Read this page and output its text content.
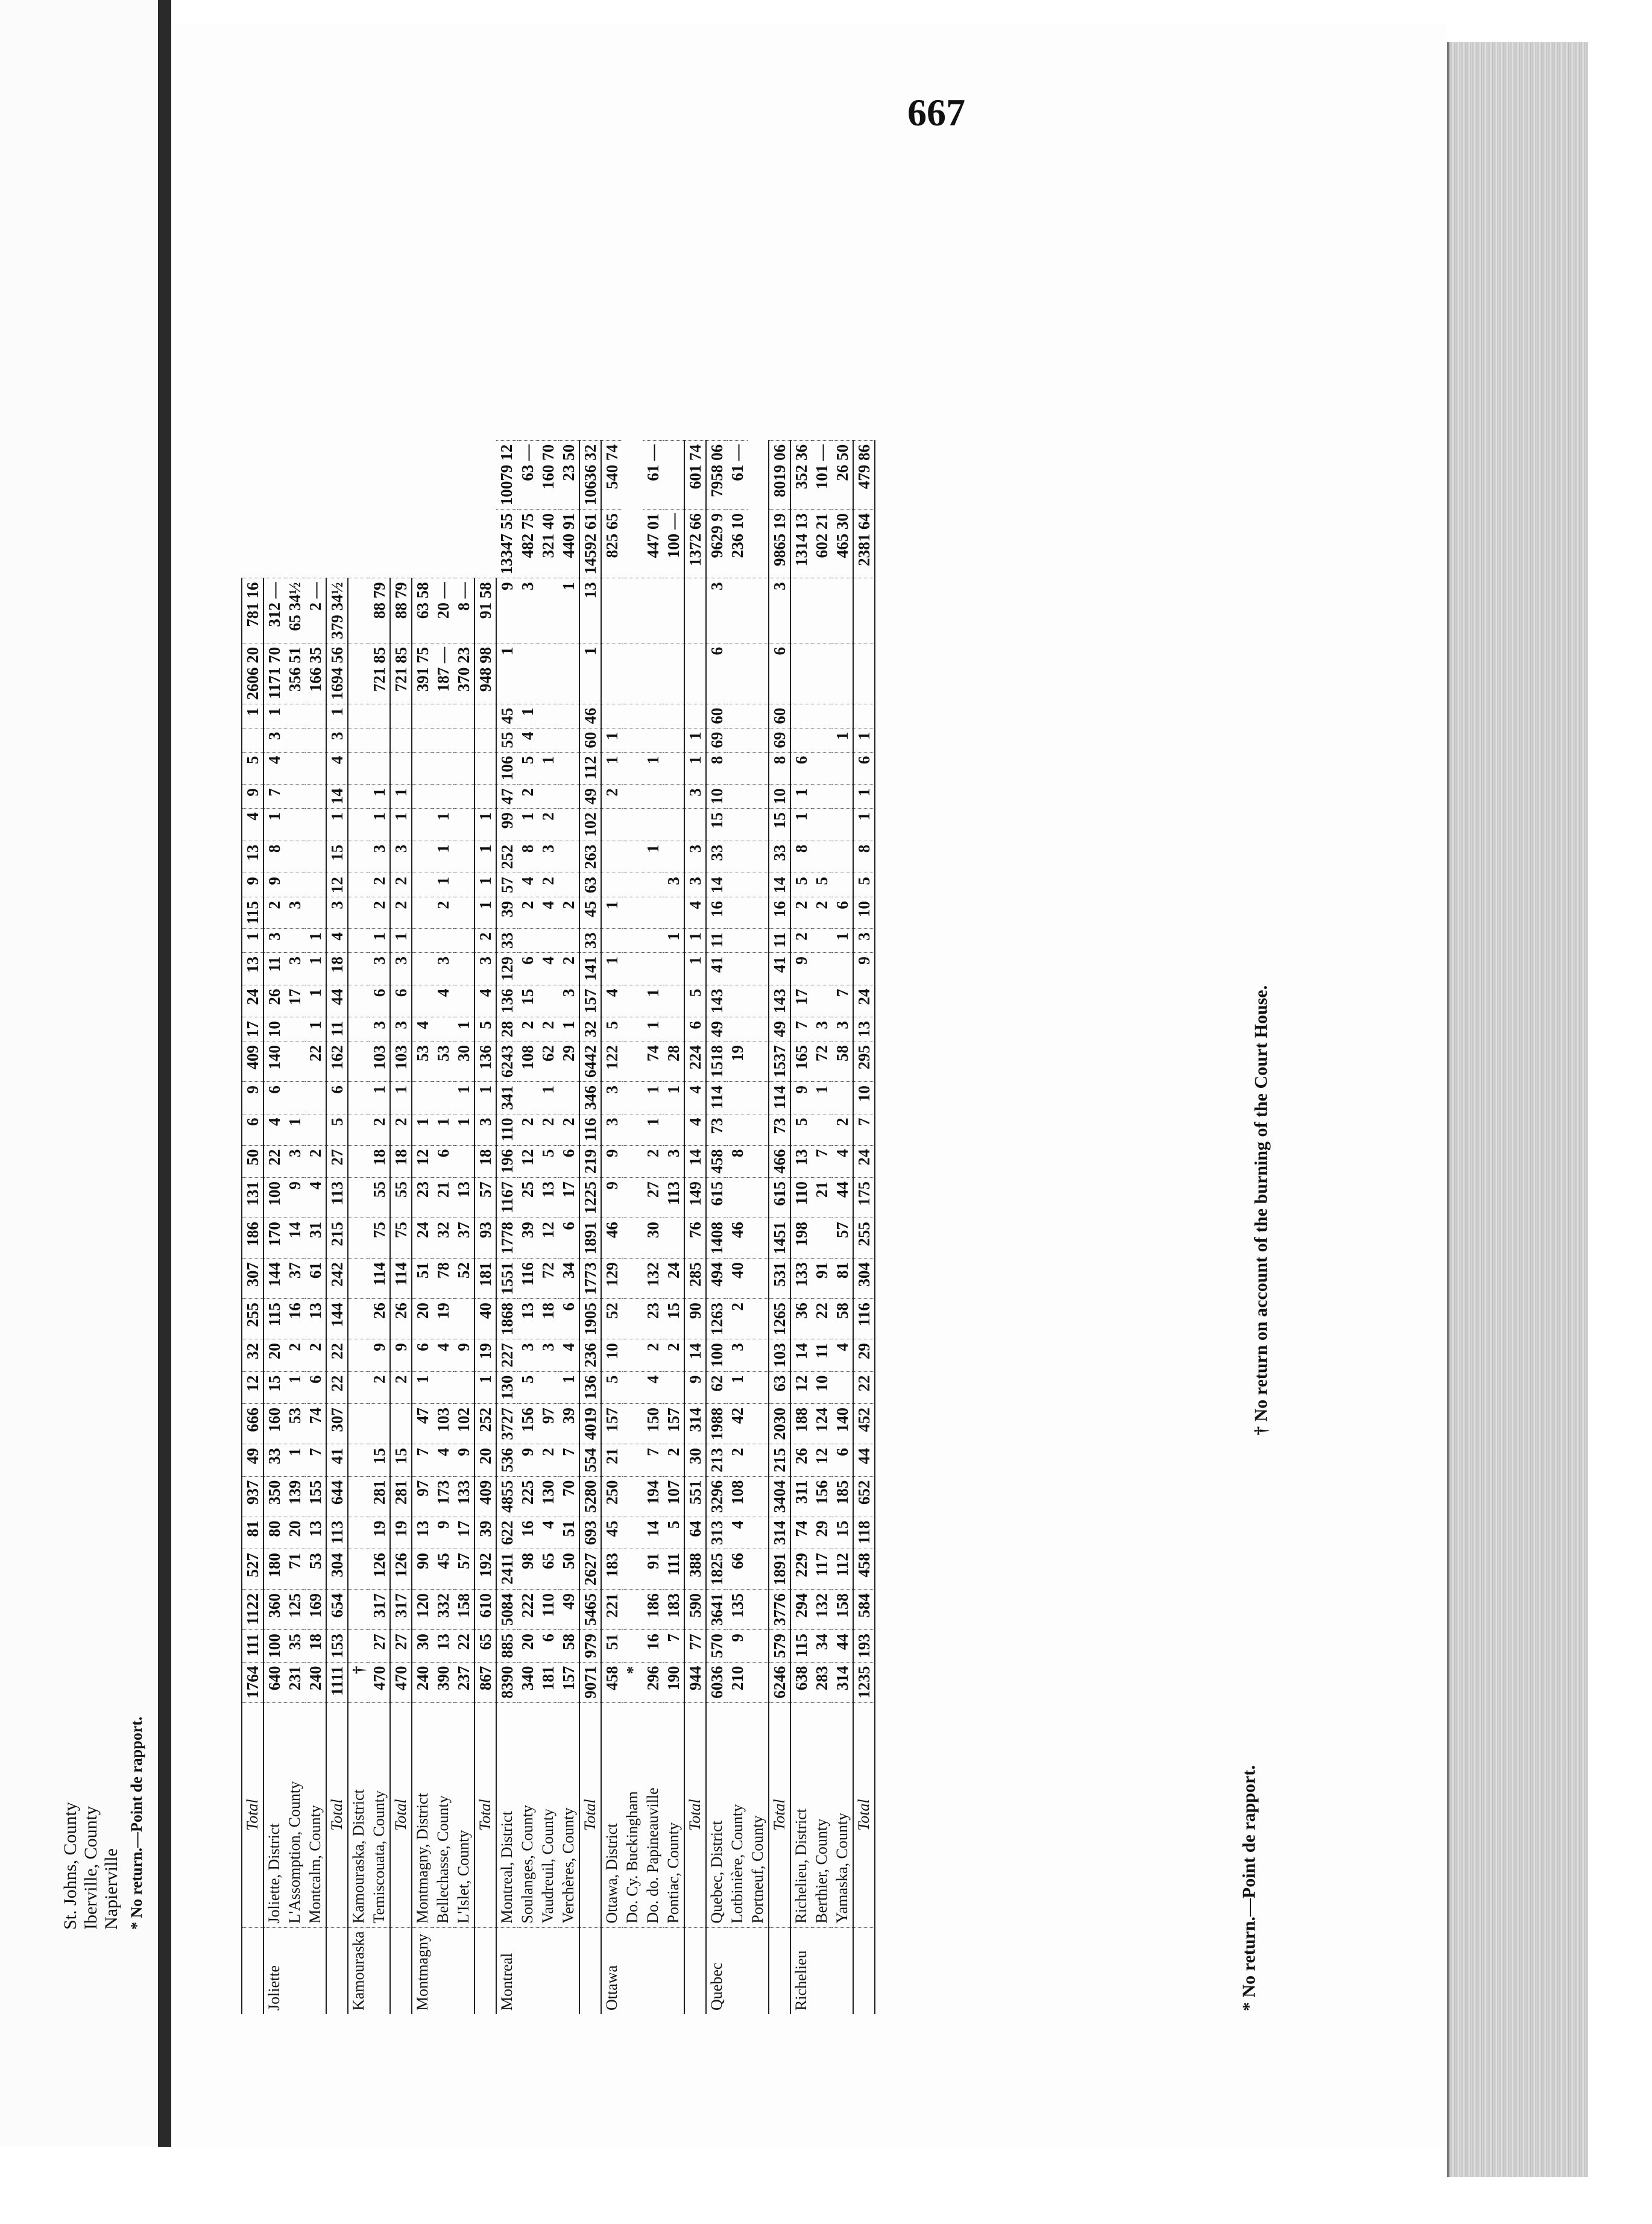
St. Johns, County Iberville, County Napierville * No return.—Point de rapport.
667
	Total	1764	111	1122	527	81	937	49	666	12	32	255	307	186	131	50	6	9	409	17	24	13	1	115	9	13	4	9	5		1	2606 20	781 16		
Joliette	Joliette, District	640	100	360	180	80	350	33	160	15	20	115	144	170	100	22	4	6	140	10	26	11	3	2	9	8	1	7	4	3	1	1171 70	312 —		
	L'Assomption, County	231	35	125	71	20	139	1	53	1	2	16	37	14	9	3	1				17	3		3								356 51	65 34½		
	Montcalm, County	240	18	169	53	13	155	7	74	6	2	13	61	31	4	2			22	1	1	1	1									166 35	2 —		
	Total	1111	153	654	304	113	644	41	307	22	22	144	242	215	113	27	5	6	162	11	44	18	4	3	12	15	1	14	4	3	1	1694 56	379 34½		
Kamouraska	Kamouraska, District	†																																	
	Temiscouata, County	470	27	317	126	19	281	15		2	9	26	114	75	55	18	2	1	103	3	6	3	1	2	2	3	1	1				721 85	88 79		
	Total	470	27	317	126	19	281	15		2	9	26	114	75	55	18	2	1	103	3	6	3	1	2	2	3	1	1				721 85	88 79		
Montmagny	Montmagny, District	240	30	120	90	13	97	7	47	1	6	20	51	24	23	12	1		53	4												391 75	63 58		
	Bellechasse, County	390	13	332	45	9	173	4	103		4	19	78	32	21	6	1		53		4	3		2	1	1	1					187 —	20 —		
	L'Islet, County	237	22	158	57	17	133	9	102		9		52	37	13		1	1	30	1												370 23	8 —		
	Total	867	65	610	192	39	409	20	252	1	19	40	181	93	57	18	3	1	136	5	4	3	2	1	1	1	1					948 98	91 58		
Montreal	Montreal, District	8390	885	5084	2411	622	4855	536	3727	130	227	1868	1551	1778	1167	196	110	341	6243	28	136	129	33	39	57	252	99	47	106	55	45	1	9	13347 55	10079 12
	Soulanges, County	340	20	222	98	16	225	9	156	5	3	13	116	39	25	12	2		108	2	15	6		2	4	8	1	2	5	4	1		3	482 75	63 —
	Vaudreuil, County	181	6	110	65	4	130	2	97		3	18	72	12	13	5	2	1	62	2		4		4	2	3	2		1					321 40	160 70
	Verchères, County	157	58	49	50	51	70	7	39	1	4	6	34	6	17	6	2		29	1	3	2		2									1	440 91	23 50
	Total	9071	979	5465	2627	693	5280	554	4019	136	236	1905	1773	1891	1225	219	116	346	6442	32	157	141	33	45	63	263	102	49	112	60	46	1	13	14592 61	10636 32
Ottawa	Ottawa, District	458	51	221	183	45	250	21	157	5	10	52	129	46	9	9	3	3	122	5	4	1		1				2	1	1				825 65	540 74
	Do. Cy. Buckingham	*																																	
	Do. do. Papineauville	296	16	186	91	14	194	7	150	4	2	23	132	30	27	2	1	1	74	1	1					1			1					447 01	61 —
	Pontiac, County	190	7	183	111	5	107	2	157		2	15	24		113	3		1	28				1		3									100 —	
	Total	944	77	590	388	64	551	30	314	9	14	90	285	76	149	14	4	4	224	6	5	1	1	4	3	3		3	1	1				1372 66	601 74
Quebec	Quebec, District	6036	570	3641	1825	313	3296	213	1988	62	100	1263	494	1408	615	458	73	114	1518	49	143	41	11	16	14	33	15	10	8	69	60	6	3	9629 9	7958 06
	Lotbinière, County	210	9	135	66	4	108	2	42	1	3	2	40	46		8			19															236 10	61 —
	Portneuf, County																																		
	Total	6246	579	3776	1891	314	3404	215	2030	63	103	1265	531	1451	615	466	73	114	1537	49	143	41	11	16	14	33	15	10	8	69	60	6	3	9865 19	8019 06
Richelieu	Richelieu, District	638	115	294	229	74	311	26	188	12	14	36	133	198	110	13	5	9	165	7	17	9	2	2	5	8	1	1	6					1314 13	352 36
	Berthier, County	283	34	132	117	29	156	12	124	10	11	22	91		21	7		1	72	3				2	5									602 21	101 —
	Yamaska, County	314	44	158	112	15	185	6	140		4	58	81	57	44	4	2		58	3	7		1	6						1				465 30	26 50
	Total	1235	193	584	458	118	652	44	452	22	29	116	304	255	175	24	7	10	295	13	24	9	3	10	5	8	1	1	6	1				2381 64	479 86
* No return.—Point de rapport.
† No return on account of the burning of the Court House.
